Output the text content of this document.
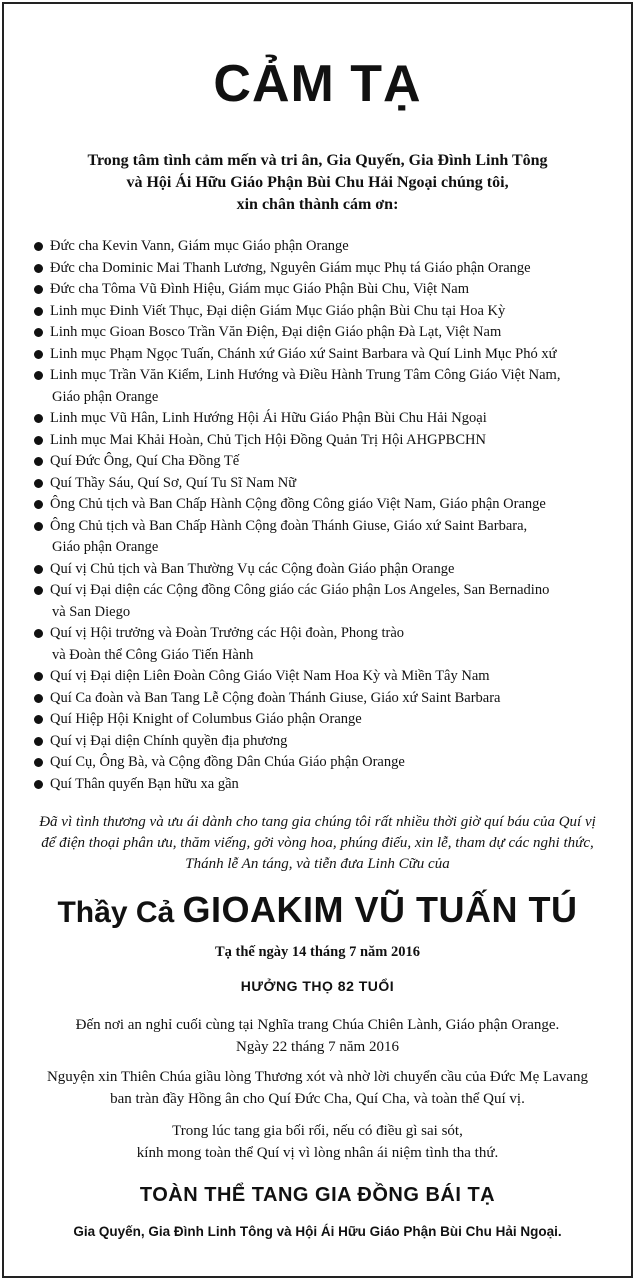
CẢM TẠ
Trong tâm tình cảm mến và tri ân, Gia Quyến, Gia Đình Linh Tông
và Hội Ái Hữu Giáo Phận Bùi Chu Hải Ngoại chúng tôi,
xin chân thành cám ơn:
Đức cha Kevin Vann, Giám mục Giáo phận Orange
Đức cha Dominic Mai Thanh Lương, Nguyên Giám mục Phụ tá Giáo phận Orange
Đức cha Tôma Vũ Đình Hiệu, Giám mục Giáo Phận Bùi Chu, Việt Nam
Linh mục Đinh Viết Thục, Đại diện Giám Mục Giáo phận Bùi Chu tại Hoa Kỳ
Linh mục Gioan Bosco Trần Văn Điện, Đại diện Giáo phận Đà Lạt, Việt Nam
Linh mục Phạm Ngọc Tuấn, Chánh xứ Giáo xứ Saint Barbara và Quí Linh Mục Phó xứ
Linh mục Trần Văn Kiểm, Linh Hướng và Điều Hành Trung Tâm Công Giáo Việt Nam,
Giáo phận Orange
Linh mục Vũ Hân, Linh Hướng Hội Ái Hữu Giáo Phận Bùi Chu Hải Ngoại
Linh mục Mai Khải Hoàn, Chủ Tịch Hội Đồng Quản Trị Hội AHGPBCHN
Quí Đức Ông, Quí Cha Đồng Tế
Quí Thầy Sáu, Quí Sơ, Quí Tu Sĩ Nam Nữ
Ông Chủ tịch và Ban Chấp Hành Cộng đồng Công giáo Việt Nam, Giáo phận Orange
Ông Chủ tịch và Ban Chấp Hành Cộng đoàn Thánh Giuse, Giáo xứ Saint Barbara,
Giáo phận Orange
Quí vị Chủ tịch và Ban Thường Vụ các Cộng đoàn Giáo phận Orange
Quí vị Đại diện các Cộng đồng Công giáo các Giáo phận Los Angeles, San Bernadino
và San Diego
Quí vị Hội trưởng và Đoàn Trưởng các Hội đoàn, Phong trào
và Đoàn thể Công Giáo Tiến Hành
Quí vị Đại diện Liên Đoàn Công Giáo Việt Nam Hoa Kỳ và Miền Tây Nam
Quí Ca đoàn và Ban Tang Lễ Cộng đoàn Thánh Giuse, Giáo xứ Saint Barbara
Quí Hiệp Hội Knight of Columbus Giáo phận Orange
Quí vị Đại diện Chính quyền địa phương
Quí Cụ, Ông Bà, và Cộng đồng Dân Chúa Giáo phận Orange
Quí Thân quyến Bạn hữu xa gần
Đã vì tình thương và ưu ái dành cho tang gia chúng tôi rất nhiều thời giờ quí báu của Quí vị
để điện thoại phân ưu, thăm viếng, gởi vòng hoa, phúng điếu, xin lễ, tham dự các nghi thức,
Thánh lễ An táng, và tiễn đưa Linh Cữu của
Thầy Cả GIOAKIM VŨ TUẤN TÚ
Tạ thế ngày 14 tháng 7 năm 2016
HƯỞNG THỌ 82 TUỔI
Đến nơi an nghỉ cuối cùng tại Nghĩa trang Chúa Chiên Lành, Giáo phận Orange.
Ngày 22 tháng 7 năm 2016
Nguyện xin Thiên Chúa giầu lòng Thương xót và nhờ lời chuyển cầu của Đức Mẹ Lavang
ban tràn đầy Hồng ân cho Quí Đức Cha, Quí Cha, và toàn thể Quí vị.
Trong lúc tang gia bối rối, nếu có điều gì sai sót,
kính mong toàn thể Quí vị vì lòng nhân ái niệm tình tha thứ.
TOÀN THỂ TANG GIA ĐỒNG BÁI TẠ
Gia Quyến, Gia Đình Linh Tông và Hội Ái Hữu Giáo Phận Bùi Chu Hải Ngoại.
